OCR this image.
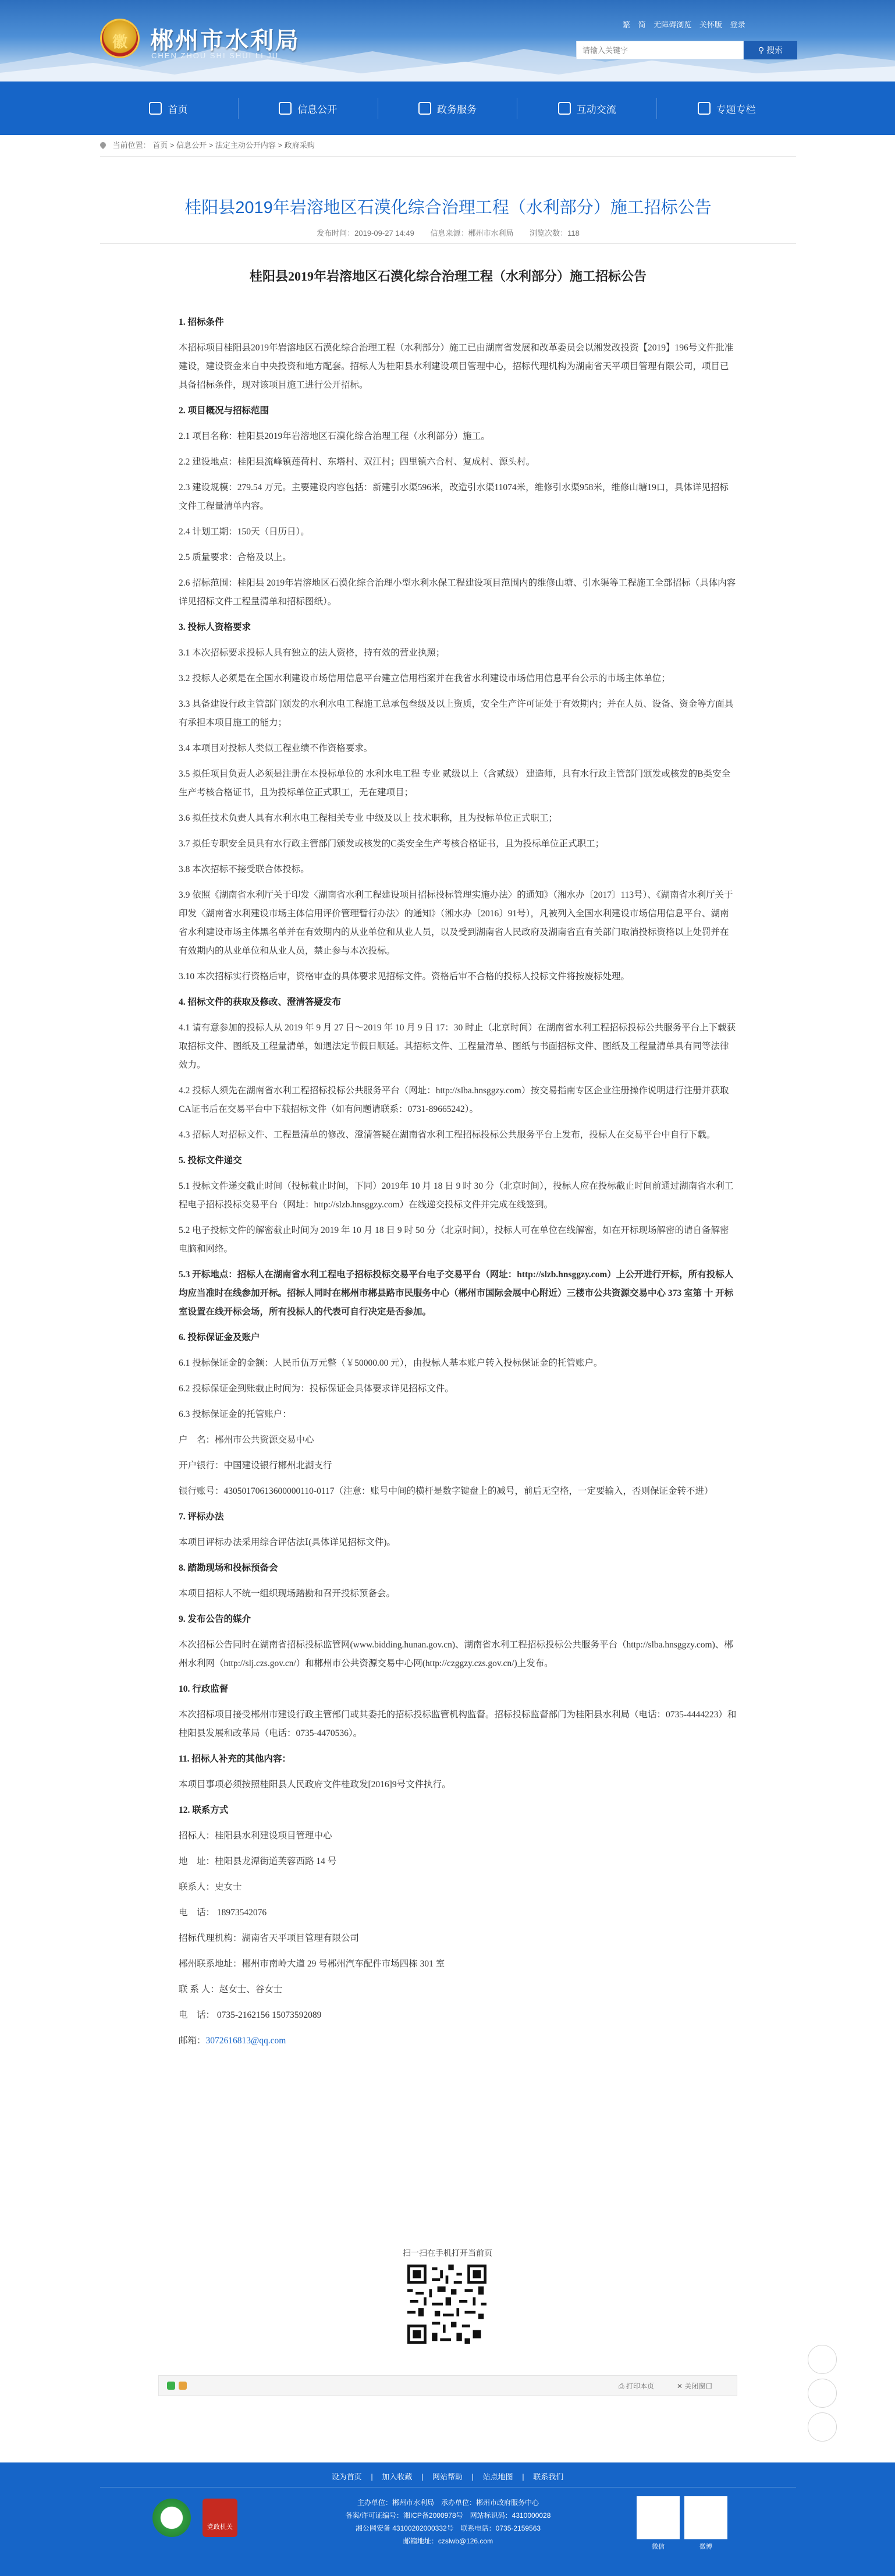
徽 郴州市水利局
CHEN ZHOU SHI SHUI LI JU
繁 简 无障碍浏览 关怀版 登录
请输入关键字
⚲ 搜索
首页	信息公开	政务服务	互动交流	专题专栏
当前位置： 首页 > 信息公开 > 法定主动公开内容 > 政府采购
桂阳县2019年岩溶地区石漠化综合治理工程（水利部分）施工招标公告
发布时间：2019-09-27 14:49 信息来源：郴州市水利局 浏览次数：118
桂阳县2019年岩溶地区石漠化综合治理工程（水利部分）施工招标公告

1. 招标条件

本招标项目桂阳县2019年岩溶地区石漠化综合治理工程（水利部分）施工已由湖南省发展和改革委员会以湘发改投资【2019】196号文件批准建设，建设资金来自中央投资和地方配套。招标人为桂阳县水利建设项目管理中心，招标代理机构为湖南省天平项目管理有限公司，项目已具备招标条件，现对该项目施工进行公开招标。

2. 项目概况与招标范围

2.1 项目名称：桂阳县2019年岩溶地区石漠化综合治理工程（水利部分）施工。

2.2 建设地点：桂阳县流峰镇莲荷村、东塔村、双江村；四里镇六合村、复成村、源头村。

2.3 建设规模：279.54 万元。主要建设内容包括：新建引水渠596米，改造引水渠11074米，维修引水渠958米，维修山塘19口，具体详见招标文件工程量清单内容。

2.4 计划工期：150天（日历日）。

2.5 质量要求：合格及以上。

2.6 招标范围：桂阳县 2019年岩溶地区石漠化综合治理小型水利水保工程建设项目范围内的维修山塘、引水渠等工程施工全部招标（具体内容详见招标文件工程量清单和招标图纸）。

3. 投标人资格要求

3.1 本次招标要求投标人具有独立的法人资格，持有效的营业执照；

3.2 投标人必须是在全国水利建设市场信用信息平台建立信用档案并在我省水利建设市场信用信息平台公示的市场主体单位；

3.3 具备建设行政主管部门颁发的水利水电工程施工总承包叁级及以上资质，安全生产许可证处于有效期内；并在人员、设备、资金等方面具有承担本项目施工的能力；

3.4 本项目对投标人类似工程业绩不作资格要求。

3.5 拟任项目负责人必须是注册在本投标单位的 水利水电工程 专业 贰级以上（含贰级） 建造师，具有水行政主管部门颁发或核发的B类安全生产考核合格证书，且为投标单位正式职工，无在建项目；

3.6 拟任技术负责人具有水利水电工程相关专业 中级及以上 技术职称，且为投标单位正式职工；

3.7 拟任专职安全员具有水行政主管部门颁发或核发的C类安全生产考核合格证书，且为投标单位正式职工；

3.8 本次招标不接受联合体投标。

3.9 依照《湖南省水利厅关于印发〈湖南省水利工程建设项目招标投标管理实施办法〉的通知》（湘水办〔2017〕113号）、《湖南省水利厅关于印发〈湖南省水利建设市场主体信用评价管理暂行办法〉的通知》（湘水办〔2016〕91号），凡被列入全国水利建设市场信用信息平台、湖南省水利建设市场主体黑名单并在有效期内的从业单位和从业人员，以及受到湖南省人民政府及湖南省直有关部门取消投标资格以上处罚并在有效期内的从业单位和从业人员，禁止参与本次投标。

3.10 本次招标实行资格后审，资格审查的具体要求见招标文件。资格后审不合格的投标人投标文件将按废标处理。

4. 招标文件的获取及修改、澄清答疑发布

4.1 请有意参加的投标人从 2019 年 9 月 27 日～2019 年 10 月 9 日 17：30 时止（北京时间）在湖南省水利工程招标投标公共服务平台上下载获取招标文件、图纸及工程量清单，如遇法定节假日顺延。其招标文件、工程量清单、图纸与书面招标文件、图纸及工程量清单具有同等法律效力。

4.2 投标人须先在湖南省水利工程招标投标公共服务平台（网址：http://slba.hnsggzy.com）按交易指南专区企业注册操作说明进行注册并获取CA证书后在交易平台中下载招标文件（如有问题请联系：0731-89665242）。

4.3 招标人对招标文件、工程量清单的修改、澄清答疑在湖南省水利工程招标投标公共服务平台上发布，投标人在交易平台中自行下载。

5. 投标文件递交

5.1 投标文件递交截止时间（投标截止时间，下同）2019年 10 月 18 日 9 时 30 分（北京时间），投标人应在投标截止时间前通过湖南省水利工程电子招标投标交易平台（网址：http://slzb.hnsggzy.com）在线递交投标文件并完成在线签到。

5.2 电子投标文件的解密截止时间为 2019 年 10 月 18 日 9 时 50 分（北京时间），投标人可在单位在线解密，如在开标现场解密的请自备解密电脑和网络。

5.3 开标地点：招标人在湖南省水利工程电子招标投标交易平台电子交易平台（网址：http://slzb.hnsggzy.com）上公开进行开标，所有投标人均应当准时在线参加开标。招标人同时在郴州市郴县路市民服务中心（郴州市国际会展中心附近）三楼市公共资源交易中心 373 室第 十 开标室设置在线开标会场，所有投标人的代表可自行决定是否参加。

6. 投标保证金及账户

6.1 投标保证金的金额：人民币伍万元整（￥50000.00 元），由投标人基本账户转入投标保证金的托管账户。

6.2 投标保证金到账截止时间为：投标保证金具体要求详见招标文件。

6.3 投标保证金的托管账户：

户　名：郴州市公共资源交易中心

开户银行：中国建设银行郴州北湖支行

银行账号：43050170613600000110-0117（注意：账号中间的横杆是数字键盘上的减号，前后无空格，一定要输入，否则保证金转不进）

7. 评标办法

本项目评标办法采用综合评估法Ⅰ(具体详见招标文件)。

8. 踏勘现场和投标预备会

本项目招标人不统一组织现场踏勘和召开投标预备会。

9. 发布公告的媒介

本次招标公告同时在湖南省招标投标监管网(www.bidding.hunan.gov.cn)、湖南省水利工程招标投标公共服务平台（http://slba.hnsggzy.com)、郴州水利网（http://slj.czs.gov.cn/）和郴州市公共资源交易中心网(http://czggzy.czs.gov.cn/)上发布。

10. 行政监督

本次招标项目接受郴州市建设行政主管部门或其委托的招标投标监管机构监督。招标投标监督部门为桂阳县水利局（电话：0735-4444223）和桂阳县发展和改革局（电话：0735-4470536）。

11. 招标人补充的其他内容：

本项目事项必须按照桂阳县人民政府文件桂政发[2016]9号文件执行。

12. 联系方式

招标人：桂阳县水利建设项目管理中心

地　址：桂阳县龙潭街道芙蓉西路 14 号

联系人：史女士

电　话： 18973542076

招标代理机构：湖南省天平项目管理有限公司

郴州联系地址：郴州市南岭大道 29 号郴州汽车配件市场四栋 301 室

联 系 人：赵女士、谷女士

电　话： 0735-2162156 15073592089

邮箱：3072616813@qq.com

扫一扫在手机打开当前页
⎙ 打印本页	✕ 关闭窗口
设为首页 | 加入收藏 | 网站帮助 | 站点地图 | 联系我们
党政机关
主办单位：郴州市水利局　承办单位：郴州市政府服务中心
备案/许可证编号：湘ICP备2000978号　网站标识码：4310000028
湘公网安备 43100202000332号　联系电话：0735-2159563
邮箱地址：czslwb@126.com
微信	微博
